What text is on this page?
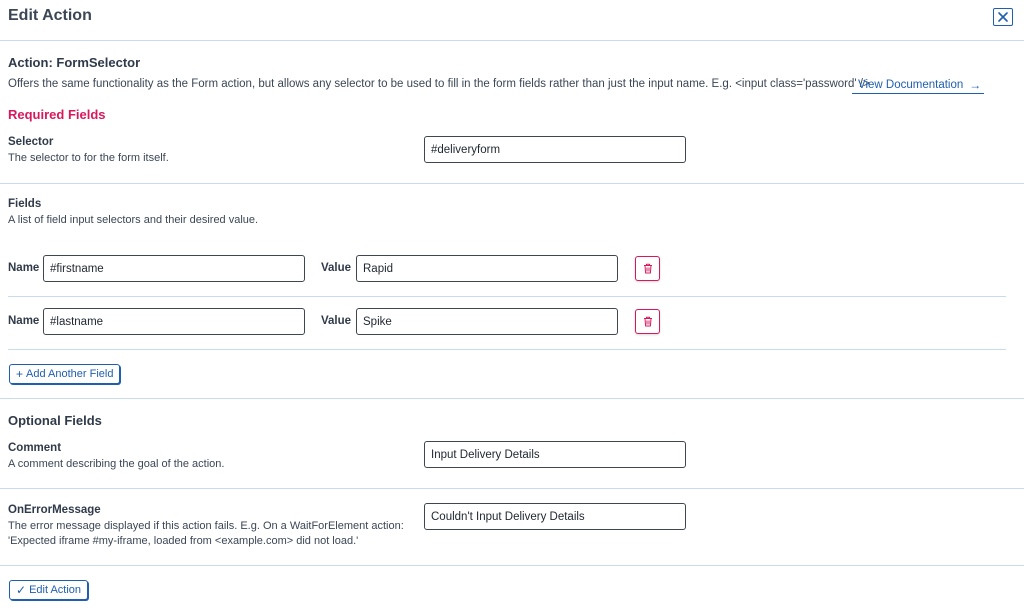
Edit Action
Action: FormSelector
Offers the same functionality as the Form action, but allows any selector to be used to fill in the form fields rather than just the input name. E.g. <input class='password' />
View Documentation →
Required Fields
Selector
The selector to for the form itself.
#deliveryform
Fields
A list of field input selectors and their desired value.
Name
#firstname	Value
Rapid
Name
#lastname	Value
Spike
+ Add Another Field
Optional Fields
Comment
A comment describing the goal of the action.
Input Delivery Details
OnErrorMessage
The error message displayed if this action fails. E.g. On a WaitForElement action:
'Expected iframe #my-iframe, loaded from <example.com> did not load.'
Couldn't Input Delivery Details
✓ Edit Action
